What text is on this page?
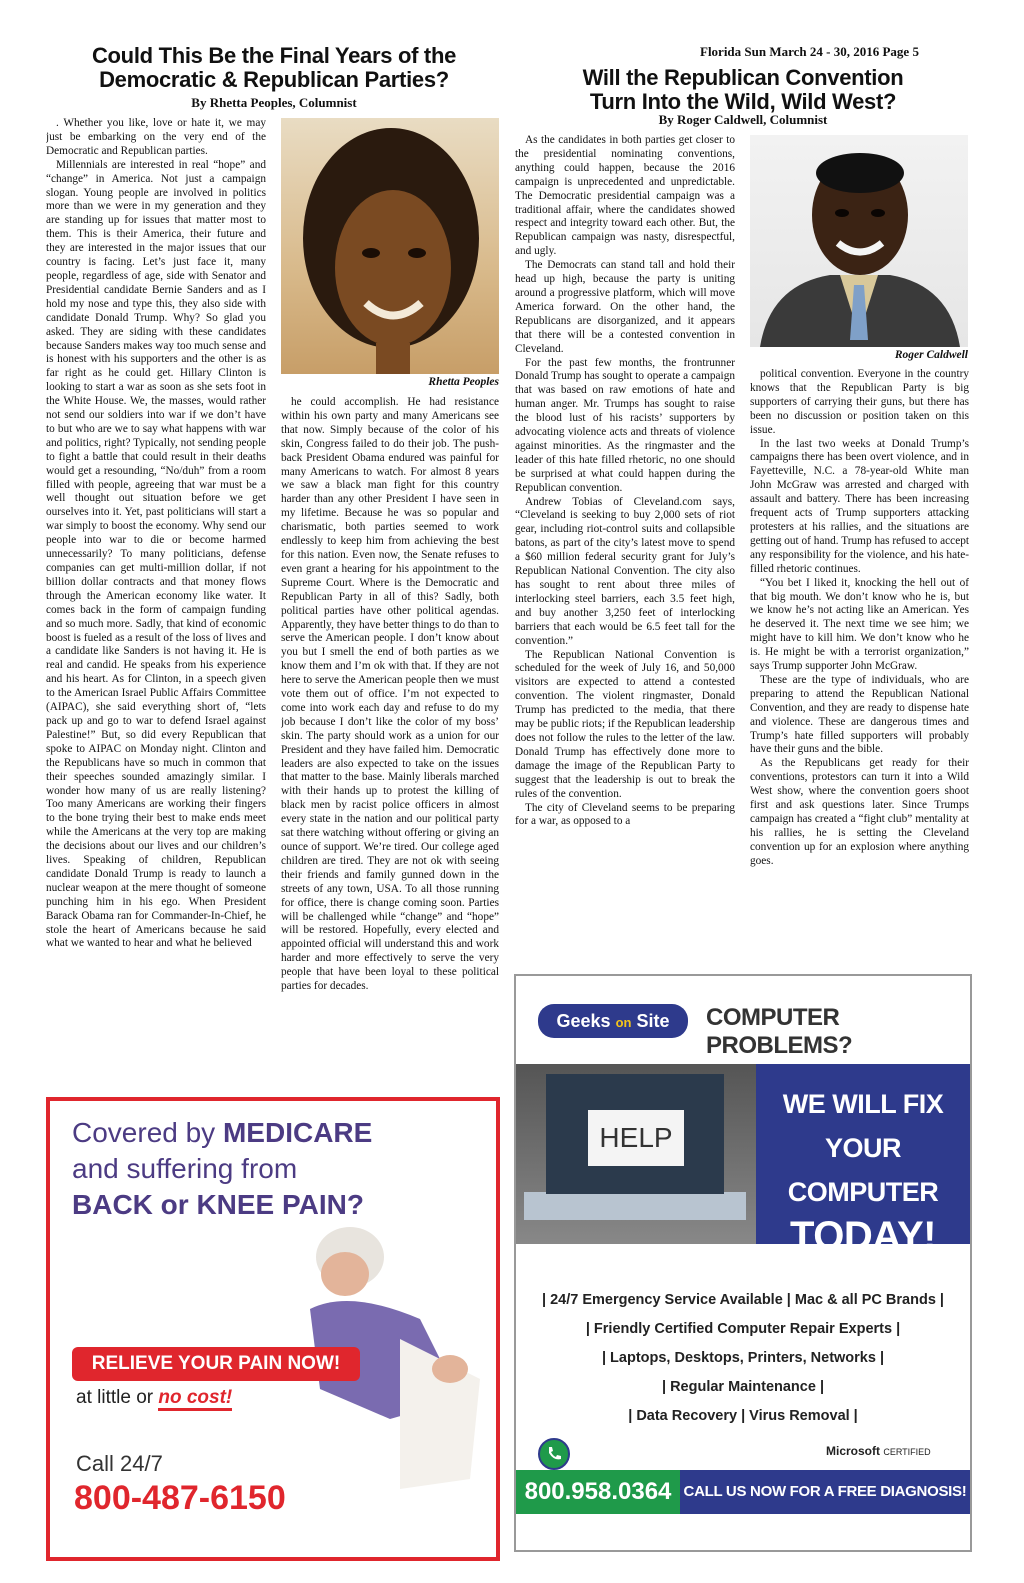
Florida Sun March 24 - 30, 2016 Page 5
Could This Be the Final Years of the
Democratic & Republican Parties?
By Rhetta Peoples, Columnist

. Whether you like, love or hate it, we may just be embarking on the very end of the Democratic and Republican parties.

Millennials are interested in real “hope” and “change” in America. Not just a campaign slogan. Young people are involved in politics more than we were in my generation and they are standing up for issues that matter most to them. This is their America, their future and they are interested in the major issues that our country is facing. Let’s just face it, many people, regardless of age, side with Senator and Presidential candidate Bernie Sanders and as I hold my nose and type this, they also side with candidate Donald Trump. Why? So glad you asked. They are siding with these candidates because Sanders makes way too much sense and is honest with his supporters and the other is as far right as he could get. Hillary Clinton is looking to start a war as soon as she sets foot in the White House. We, the masses, would rather not send our soldiers into war if we don’t have to but who are we to say what happens with war and politics, right? Typically, not sending people to fight a battle that could result in their deaths would get a resounding, “No/duh” from a room filled with people, agreeing that war must be a well thought out situation before we get ourselves into it. Yet, past politicians will start a war simply to boost the economy. Why send our people into war to die or become harmed unnecessarily? To many politicians, defense companies can get multi-million dollar, if not billion dollar contracts and that money flows through the American economy like water. It comes back in the form of campaign funding and so much more. Sadly, that kind of economic boost is fueled as a result of the loss of lives and a candidate like Sanders is not having it. He is real and candid. He speaks from his experience and his heart. As for Clinton, in a speech given to the American Israel Public Affairs Committee (AIPAC), she said everything short of, “lets pack up and go to war to defend Israel against Palestine!” But, so did every Republican that spoke to AIPAC on Monday night. Clinton and the Republicans have so much in common that their speeches sounded amazingly similar. I wonder how many of us are really listening? Too many Americans are working their fingers to the bone trying their best to make ends meet while the Americans at the very top are making the decisions about our lives and our children’s lives. Speaking of children, Republican candidate Donald Trump is ready to launch a nuclear weapon at the mere thought of someone punching him in his ego. When President Barack Obama ran for Commander-In-Chief, he stole the heart of Americans because he said what we wanted to hear and what he believed

Rhetta Peoples

he could accomplish. He had resistance within his own party and many Americans see that now. Simply because of the color of his skin, Congress failed to do their job. The push-back President Obama endured was painful for many Americans to watch. For almost 8 years we saw a black man fight for this country harder than any other President I have seen in my lifetime. Because he was so popular and charismatic, both parties seemed to work endlessly to keep him from achieving the best for this nation. Even now, the Senate refuses to even grant a hearing for his appointment to the Supreme Court. Where is the Democratic and Republican Party in all of this? Sadly, both political parties have other political agendas. Apparently, they have better things to do than to serve the American people. I don’t know about you but I smell the end of both parties as we know them and I’m ok with that. If they are not here to serve the American people then we must vote them out of office. I’m not expected to come into work each day and refuse to do my job because I don’t like the color of my boss’ skin. The party should work as a union for our President and they have failed him. Democratic leaders are also expected to take on the issues that matter to the base. Mainly liberals marched with their hands up to protest the killing of black men by racist police officers in almost every state in the nation and our political party sat there watching without offering or giving an ounce of support. We’re tired. Our college aged children are tired. They are not ok with seeing their friends and family gunned down in the streets of any town, USA. To all those running for office, there is change coming soon. Parties will be challenged while “change” and “hope” will be restored. Hopefully, every elected and appointed official will understand this and work harder and more effectively to serve the very people that have been loyal to these political parties for decades.

Will the Republican Convention
Turn Into the Wild, Wild West?
By Roger Caldwell, Columnist

As the candidates in both parties get closer to the presidential nominating conventions, anything could happen, because the 2016 campaign is unprecedented and unpredictable. The Democratic presidential campaign was a traditional affair, where the candidates showed respect and integrity toward each other. But, the Republican campaign was nasty, disrespectful, and ugly.

The Democrats can stand tall and hold their head up high, because the party is uniting around a progressive platform, which will move America forward. On the other hand, the Republicans are disorganized, and it appears that there will be a contested convention in Cleveland.

For the past few months, the frontrunner Donald Trump has sought to operate a campaign that was based on raw emotions of hate and human anger. Mr. Trumps has sought to raise the blood lust of his racists’ supporters by advocating violence acts and threats of violence against minorities. As the ringmaster and the leader of this hate filled rhetoric, no one should be surprised at what could happen during the Republican convention.

Andrew Tobias of Cleveland.com says, “Cleveland is seeking to buy 2,000 sets of riot gear, including riot-control suits and collapsible batons, as part of the city’s latest move to spend a $60 million federal security grant for July’s Republican National Convention. The city also has sought to rent about three miles of interlocking steel barriers, each 3.5 feet high, and buy another 3,250 feet of interlocking barriers that each would be 6.5 feet tall for the convention.”

The Republican National Convention is scheduled for the week of July 16, and 50,000 visitors are expected to attend a contested convention. The violent ringmaster, Donald Trump has predicted to the media, that there may be public riots; if the Republican leadership does not follow the rules to the letter of the law. Donald Trump has effectively done more to damage the image of the Republican Party to suggest that the leadership is out to break the rules of the convention.

The city of Cleveland seems to be preparing for a war, as opposed to a

Roger Caldwell

political convention. Everyone in the country knows that the Republican Party is big supporters of carrying their guns, but there has been no discussion or position taken on this issue.

In the last two weeks at Donald Trump’s campaigns there has been overt violence, and in Fayetteville, N.C. a 78-year-old White man John McGraw was arrested and charged with assault and battery. There has been increasing frequent acts of Trump supporters attacking protesters at his rallies, and the situations are getting out of hand. Trump has refused to accept any responsibility for the violence, and his hate-filled rhetoric continues.

“You bet I liked it, knocking the hell out of that big mouth. We don’t know who he is, but we know he’s not acting like an American. Yes he deserved it. The next time we see him; we might have to kill him. We don’t know who he is. He might be with a terrorist organization,” says Trump supporter John McGraw.

These are the type of individuals, who are preparing to attend the Republican National Convention, and they are ready to dispense hate and violence. These are dangerous times and Trump’s hate filled supporters will probably have their guns and the bible.

As the Republicans get ready for their conventions, protestors can turn it into a Wild West show, where the convention goers shoot first and ask questions later. Since Trumps campaign has created a “fight club” mentality at his rallies, he is setting the Cleveland convention up for an explosion where anything goes.

Covered by MEDICARE
and suffering from
BACK or KNEE PAIN?
RELIEVE YOUR PAIN NOW!
at little or no cost!
Call 24/7
800-487-6150
Geeks on Site	COMPUTER PROBLEMS?
HELP
WE WILL FIX
YOUR COMPUTER
TODAY!
| 24/7 Emergency Service Available | Mac & all PC Brands |
| Friendly Certified Computer Repair Experts |
| Laptops, Desktops, Printers, Networks |
| Regular Maintenance |
| Data Recovery | Virus Removal |
Microsoft CERTIFIED
800.958.0364 CALL US NOW FOR A FREE DIAGNOSIS!
